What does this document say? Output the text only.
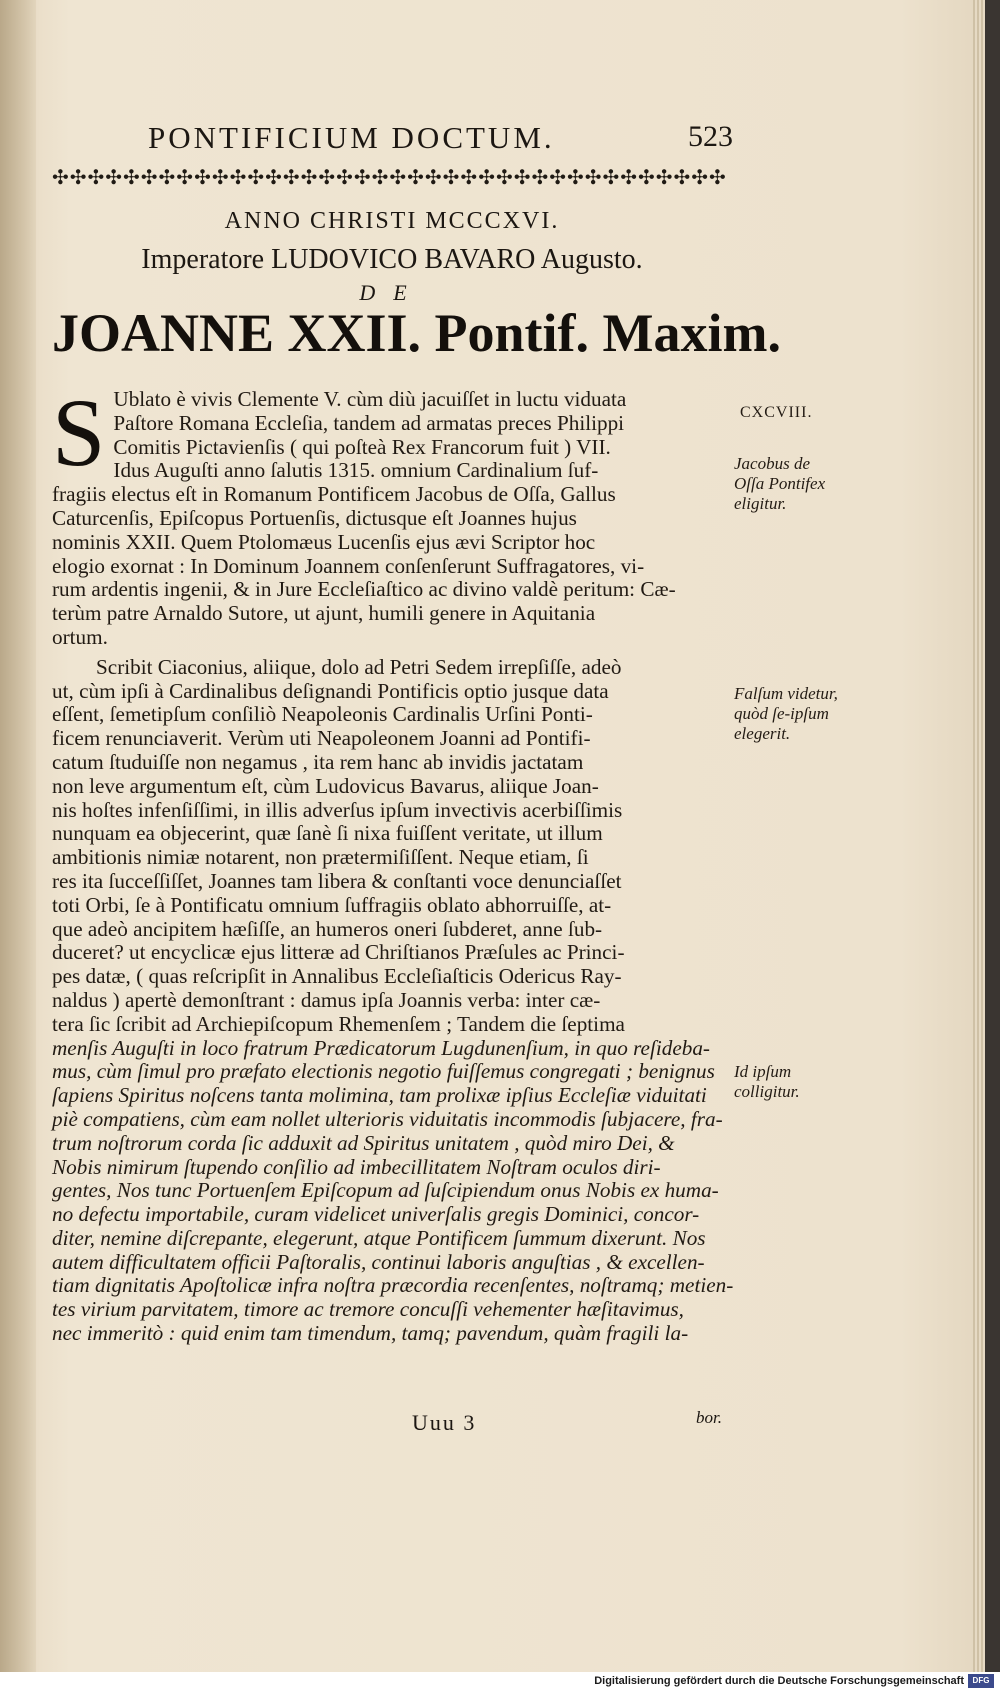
PONTIFICIUM DOCTUM.	523
✣✣✣✣✣✣✣✣✣✣✣✣✣✣✣✣✣✣✣✣✣✣✣✣✣✣✣✣✣✣✣✣✣✣✣✣✣✣
ANNO CHRISTI MCCCXVI.
Imperatore LUDOVICO BAVARO Augusto.
DE
JOANNE XXII. Pontif. Maxim.
S Ublato è vivis Clemente V. cùm diù jacuiſſet in luctu viduata
Paſtore Romana Eccleſia, tandem ad armatas preces Philippi
Comitis Pictavienſis ( qui poſteà Rex Francorum fuit ) VII.
Idus Auguſti anno ſalutis 1315. omnium Cardinalium ſuf-
fragiis electus eſt in Romanum Pontificem Jacobus de Oſſa, Gallus
Caturcenſis, Epiſcopus Portuenſis, dictusque eſt Joannes hujus
nominis XXII. Quem Ptolomæus Lucenſis ejus ævi Scriptor hoc
elogio exornat : In Dominum Joannem conſenſerunt Suffragatores, vi-
rum ardentis ingenii, & in Jure Eccleſiaſtico ac divino valdè peritum: Cæ-
terùm patre Arnaldo Sutore, ut ajunt, humili genere in Aquitania
ortum.
Scribit Ciaconius, aliique, dolo ad Petri Sedem irrepſiſſe, adeò
ut, cùm ipſi à Cardinalibus deſignandi Pontificis optio jusque data
eſſent, ſemetipſum conſiliò Neapoleonis Cardinalis Urſini Ponti-
ficem renunciaverit. Verùm uti Neapoleonem Joanni ad Pontifi-
catum ſtuduiſſe non negamus , ita rem hanc ab invidis jactatam
non leve argumentum eſt, cùm Ludovicus Bavarus, aliique Joan-
nis hoſtes infenſiſſimi, in illis adverſus ipſum invectivis acerbiſſimis
nunquam ea objecerint, quæ ſanè ſi nixa fuiſſent veritate, ut illum
ambitionis nimiæ notarent, non prætermiſiſſent. Neque etiam, ſi
res ita ſucceſſiſſet, Joannes tam libera & conſtanti voce denunciaſſet
toti Orbi, ſe à Pontificatu omnium ſuffragiis oblato abhorruiſſe, at-
que adeò ancipitem hæſiſſe, an humeros oneri ſubderet, anne ſub-
duceret? ut encyclicæ ejus litteræ ad Chriſtianos Præſules ac Princi-
pes datæ, ( quas reſcripſit in Annalibus Eccleſiaſticis Odericus Ray-
naldus ) apertè demonſtrant : damus ipſa Joannis verba: inter cæ-
tera ſic ſcribit ad Archiepiſcopum Rhemenſem ; Tandem die ſeptima
menſis Auguſti in loco fratrum Prædicatorum Lugdunenſium, in quo reſideba-
mus, cùm ſimul pro præfato electionis negotio fuiſſemus congregati ; benignus
ſapiens Spiritus noſcens tanta molimina, tam prolixæ ipſius Eccleſiæ viduitati
piè compatiens, cùm eam nollet ulterioris viduitatis incommodis ſubjacere, fra-
trum noſtrorum corda ſic adduxit ad Spiritus unitatem , quòd miro Dei, &
Nobis nimirum ſtupendo conſilio ad imbecillitatem Noſtram oculos diri-
gentes, Nos tunc Portuenſem Epiſcopum ad ſuſcipiendum onus Nobis ex huma-
no defectu importabile, curam videlicet univerſalis gregis Dominici, concor-
diter, nemine diſcrepante, elegerunt, atque Pontificem ſummum dixerunt. Nos
autem difficultatem officii Paſtoralis, continui laboris anguſtias , & excellen-
tiam dignitatis Apoſtolicæ infra noſtra præcordia recenſentes, noſtramq; metien-
tes virium parvitatem, timore ac tremore concuſſi vehementer hæſitavimus,
nec immeritò : quid enim tam timendum, tamq; pavendum, quàm fragili la-
CXCVIII.
Jacobus de Oſſa Pontifex eligitur.
Falſum videtur, quòd ſe-ipſum elegerit.
Id ipſum colligitur.
Uuu 3	bor.
Digitalisierung gefördert durch die Deutsche Forschungsgemeinschaft	DFG
